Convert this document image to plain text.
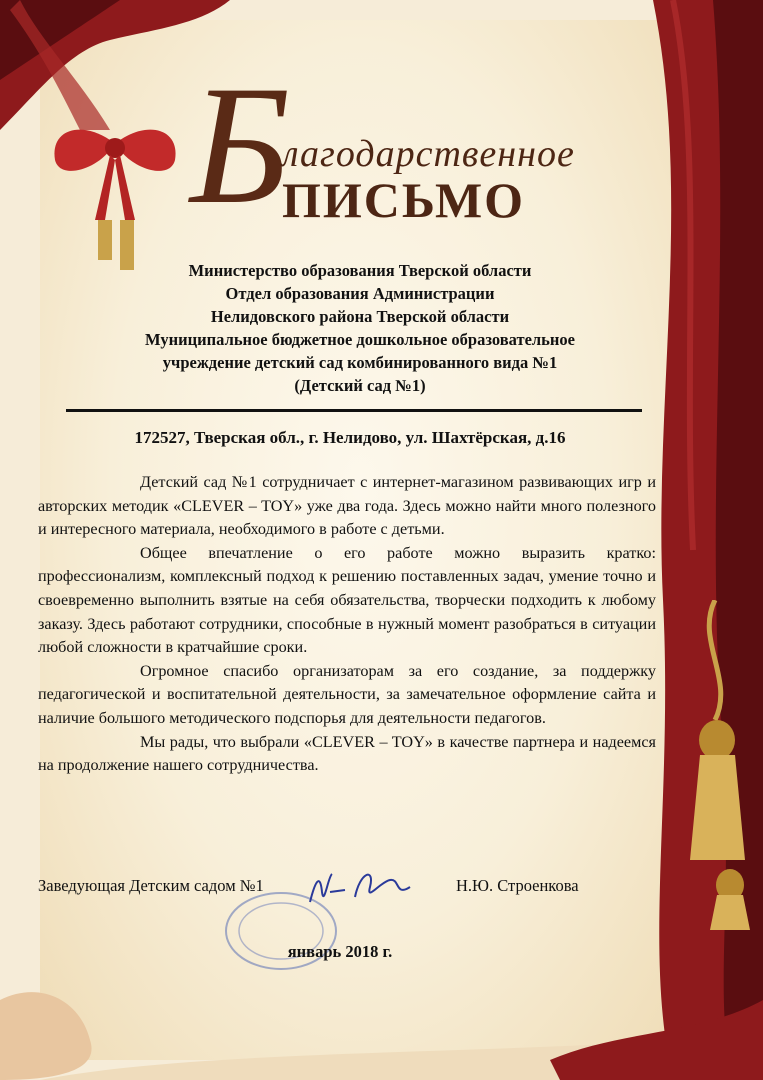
Б
лагодарственное
ПИСЬМО
Министерство образования Тверской области
Отдел образования Администрации
Нелидовского района Тверской области
Муниципальное бюджетное дошкольное образовательное
учреждение детский сад комбинированного вида №1
(Детский сад №1)
172527, Тверская обл., г. Нелидово, ул. Шахтёрская, д.16

Детский сад №1 сотрудничает с интернет-магазином развивающих игр и авторских методик «CLEVER – TOY» уже два года. Здесь можно найти много полезного и интересного материала, необходимого в работе с детьми.

Общее впечатление о его работе можно выразить кратко: профессионализм, комплексный подход к решению поставленных задач, умение точно и своевременно выполнить взятые на себя обязательства, творчески подходить к любому заказу. Здесь работают сотрудники, способные в нужный момент разобраться в ситуации любой сложности в кратчайшие сроки.

Огромное спасибо организаторам за его создание, за поддержку педагогической и воспитательной деятельности, за замечательное оформление сайта и наличие большого методического подспорья для деятельности педагогов.

Мы рады, что выбрали «CLEVER – TOY» в качестве партнера и надеемся на продолжение нашего сотрудничества.

Заведующая Детским садом №1	Н.Ю. Строенкова
январь 2018 г.
